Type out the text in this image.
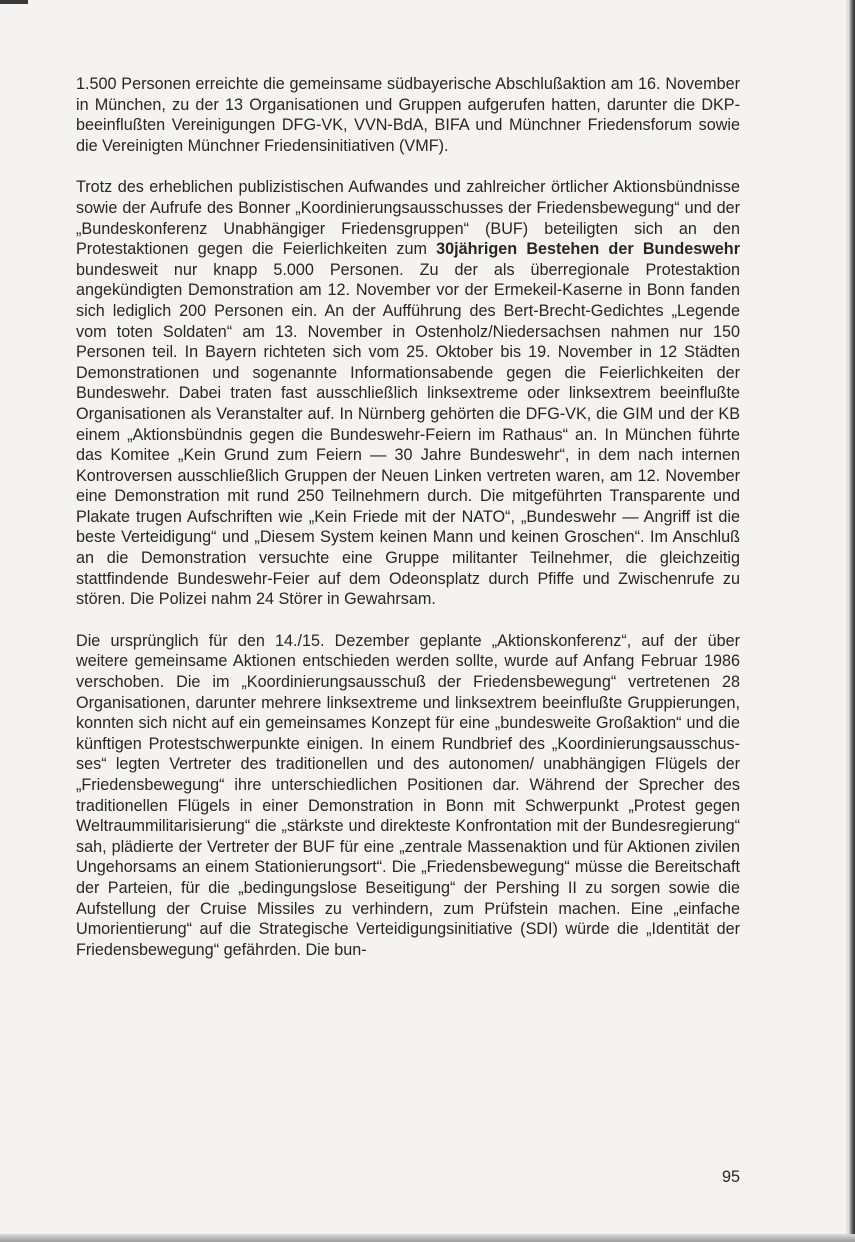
1.500 Personen erreichte die gemeinsame südbayerische Abschlußaktion am 16. November in München, zu der 13 Organisationen und Gruppen aufgerufen hatten, darunter die DKP-beeinflußten Vereinigungen DFG-VK, VVN-BdA, BIFA und Münchner Friedensforum sowie die Vereinigten Münchner Friedensinitiativen (VMF).

Trotz des erheblichen publizistischen Aufwandes und zahlreicher örtlicher Aktionsbündnisse sowie der Aufrufe des Bonner „Koordinierungsausschusses der Friedensbewegung“ und der „Bundeskonferenz Unabhängiger Friedensgruppen“ (BUF) beteiligten sich an den Protestaktionen gegen die Feierlichkeiten zum 30jährigen Bestehen der Bundeswehr bundesweit nur knapp 5.000 Personen. Zu der als überregionale Protestaktion angekündigten Demonstration am 12. November vor der Ermekeil-Kaserne in Bonn fanden sich lediglich 200 Personen ein. An der Aufführung des Bert-Brecht-Gedichtes „Legende vom toten Soldaten“ am 13. November in Ostenholz/Niedersachsen nahmen nur 150 Personen teil. In Bayern richteten sich vom 25. Oktober bis 19. November in 12 Städten Demonstrationen und sogenannte Informationsabende gegen die Feierlichkeiten der Bundeswehr. Dabei traten fast ausschließlich linksextreme oder linksextrem beeinflußte Organisationen als Veranstalter auf. In Nürnberg gehörten die DFG-VK, die GIM und der KB einem „Aktionsbündnis gegen die Bundeswehr-Feiern im Rathaus“ an. In München führte das Komitee „Kein Grund zum Feiern — 30 Jahre Bundeswehr“, in dem nach internen Kontroversen ausschließlich Gruppen der Neuen Linken vertreten waren, am 12. November eine Demonstration mit rund 250 Teilnehmern durch. Die mitgeführten Transparente und Plakate trugen Aufschriften wie „Kein Friede mit der NATO“, „Bundeswehr — Angriff ist die beste Verteidigung“ und „Diesem System keinen Mann und keinen Groschen“. Im Anschluß an die Demonstration versuchte eine Gruppe militanter Teilnehmer, die gleichzeitig stattfindende Bundeswehr-Feier auf dem Odeonsplatz durch Pfiffe und Zwischenrufe zu stören. Die Polizei nahm 24 Störer in Gewahrsam.

Die ursprünglich für den 14./15. Dezember geplante „Aktionskonferenz“, auf der über weitere gemeinsame Aktionen entschieden werden sollte, wurde auf Anfang Februar 1986 verschoben. Die im „Koordinierungsausschuß der Friedensbewegung“ vertretenen 28 Organisationen, darunter mehrere linksextreme und linksextrem beeinflußte Gruppierungen, konnten sich nicht auf ein gemeinsames Konzept für eine „bundesweite Großaktion“ und die künftigen Protestschwerpunkte einigen. In einem Rundbrief des „Koordinierungsausschusses“ legten Vertreter des traditionellen und des autonomen/ unabhängigen Flügels der „Friedensbewegung“ ihre unterschiedlichen Positionen dar. Während der Sprecher des traditionellen Flügels in einer Demonstration in Bonn mit Schwerpunkt „Protest gegen Weltraummilitarisierung“ die „stärkste und direkteste Konfrontation mit der Bundesregierung“ sah, plädierte der Vertreter der BUF für eine „zentrale Massenaktion und für Aktionen zivilen Ungehorsams an einem Stationierungsort“. Die „Friedensbewegung“ müsse die Bereitschaft der Parteien, für die „bedingungslose Beseitigung“ der Pershing II zu sorgen sowie die Aufstellung der Cruise Missiles zu verhindern, zum Prüfstein machen. Eine „einfache Umorientierung“ auf die Strategische Verteidigungsinitiative (SDI) würde die „Identität der Friedensbewegung“ gefährden. Die bun-

95
